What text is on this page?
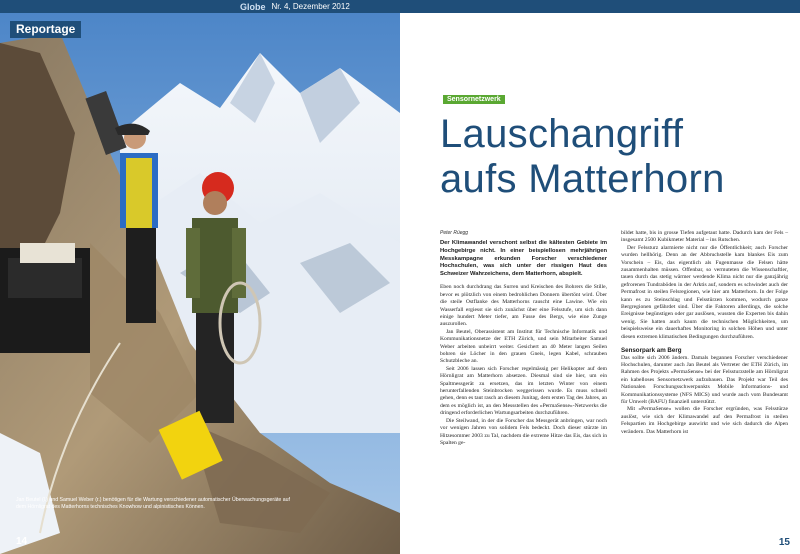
Globe Nr. 4, Dezember 2012
Reportage
Jan Beutel (l.) und Samuel Weber (r.) benötigen für die Wartung verschiedener automatischer Überwachungsgeräte auf dem Hörnligrat des Matterhorns technisches Knowhow und alpinistisches Können.
14
Sensornetzwerk
Lauschangriff
aufs Matterhorn
Peter Rüegg
Der Klimawandel verschont selbst die kältesten Gebiete im Hochgebirge nicht. In einer beispiellosen mehrjährigen Messkampagne erkunden Forscher verschiedener Hochschulen, was sich unter der rissigen Haut des Schweizer Wahrzeichens, dem Matterhorn, abspielt.

Eben noch durchdrang das Surren und Kreischen des Bohrers die Stille, bevor es plötzlich von einem bedrohlichen Donnern übertönt wird. Über die steile Ostflanke des Matterhorns rauscht eine Lawine. Wie ein Wasserfall ergiesst sie sich zunächst über eine Felsstufe, um sich dann einige hundert Meter tiefer, am Fusse des Bergs, wie eine Zunge auszurollen.

Jan Beutel, Oberassistent am Institut für Technische Informatik und Kommunikationsnetze der ETH Zürich, und sein Mitarbeiter Samuel Weber arbeiten unbeirrt weiter. Gesichert an 40 Meter langen Seilen bohren sie Löcher in den grauen Gneis, legen Kabel, schrauben Schutzbleche an.

Seit 2006 lassen sich Forscher regelmässig per Helikopter auf dem Hörnligrat am Matterhorn absetzen. Diesmal sind sie hier, um ein Spaltmessgerät zu ersetzen, das im letzten Winter von einem herunterfallenden Steinbrocken weggerissen wurde. Es muss schnell gehen, denn es taut rasch an diesem Junitag, dem ersten Tag des Jahres, an dem es möglich ist, an den Messstellen des «PermaSense»-Netzwerks die dringend erforderlichen Wartungsarbeiten durchzuführen.

Die Steilwand, in der die Forscher das Messgerät anbringen, war noch vor wenigen Jahren von solidem Fels bedeckt. Doch dieser stürzte im Hitzesommer 2003 zu Tal, nachdem die extreme Hitze das Eis, das sich in Spalten ge-

bildet hatte, bis in grosse Tiefen aufgetaut hatte. Dadurch kam der Fels – insgesamt 2500 Kubikmeter Material – ins Rutschen.

Der Felssturz alarmierte nicht nur die Öffentlichkeit; auch Forscher wurden hellhörig. Denn an der Abbruchstelle kam blankes Eis zum Vorschein – Eis, das eigentlich als Fugenmasse die Felsen hätte zusammenhalten müssen. Offenbar, so vermuteten die Wissenschaftler, tauen durch das stetig wärmer werdende Klima nicht nur die ganzjährig gefrorenen Tundraböden in der Arktis auf, sondern es schwindet auch der Permafrost in steilen Felsregionen, wie hier am Matterhorn. In der Folge kann es zu Steinschlag und Felsstürzen kommen, wodurch ganze Bergregionen gefährdet sind. Über die Faktoren allerdings, die solche Ereignisse begünstigen oder gar auslösen, wussten die Experten bis dahin wenig. Sie hatten auch kaum die technischen Möglichkeiten, um beispielsweise ein dauerhaftes Monitoring in solchen Höhen und unter diesen extremen klimatischen Bedingungen durchzuführen.

Sensorpark am Berg

Das sollte sich 2006 ändern. Damals begannen Forscher verschiedener Hochschulen, darunter auch Jan Beutel als Vertreter der ETH Zürich, im Rahmen des Projekts «PermaSense» bei der Felssturzstelle am Hörnligrat ein kabelloses Sensornetzwerk aufzubauen. Das Projekt war Teil des Nationalen Forschungsschwerpunkts Mobile Informations- und Kommunikationssysteme (NFS MICS) und wurde auch vom Bundesamt für Umwelt (BAFU) finanziell unterstützt.

Mit «PermaSense» wollen die Forscher ergründen, was Felsstürze auslöst, wie sich der Klimawandel auf den Permafrost in steilen Felspartien im Hochgebirge auswirkt und wie sich dadurch die Alpen verändern. Das Matterhorn ist

15
